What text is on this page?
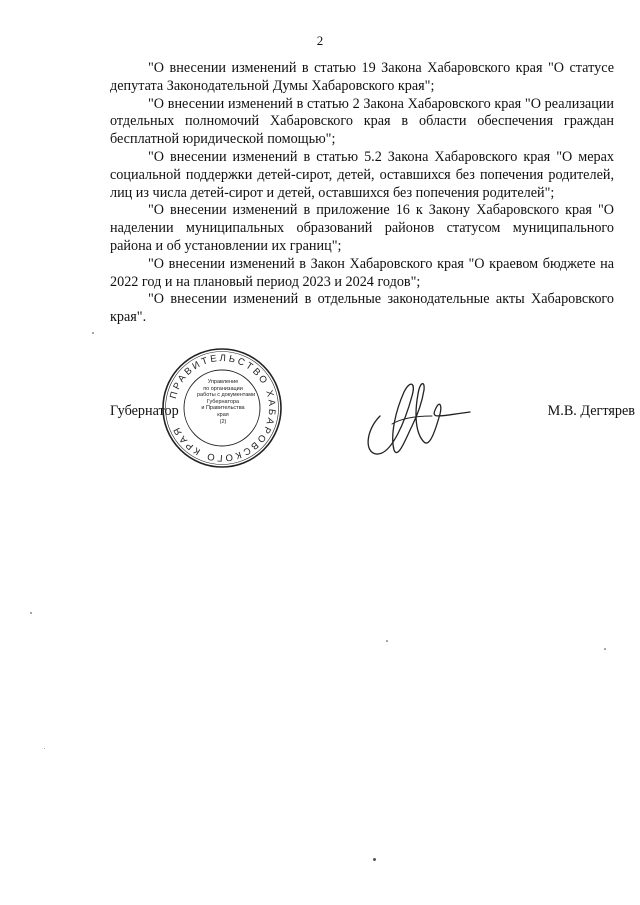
2

"О внесении изменений в статью 19 Закона Хабаровского края "О статусе депутата Законодательной Думы Хабаровского края";

"О внесении изменений в статью 2 Закона Хабаровского края "О реализации отдельных полномочий Хабаровского края в области обеспечения граждан бесплатной юридической помощью";

"О внесении изменений в статью 5.2 Закона Хабаровского края "О мерах социальной поддержки детей-сирот, детей, оставшихся без попечения родителей, лиц из числа детей-сирот и детей, оставшихся без попечения родителей";

"О внесении изменений в приложение 16 к Закону Хабаровского края "О наделении муниципальных образований районов статусом муниципального района и об установлении их границ";

"О внесении изменений в Закон Хабаровского края "О краевом бюджете на 2022 год и на плановый период 2023 и 2024 годов";

"О внесении изменений в отдельные законодательные акты Хабаровского края".

Губернатор	М.В. Дегтярев
ПРАВИТЕЛЬСТВО ХАБАРОВСКОГО КРАЯ
Управление
по организации
работы с документами
Губернатора
и Правительства
края
(2)
